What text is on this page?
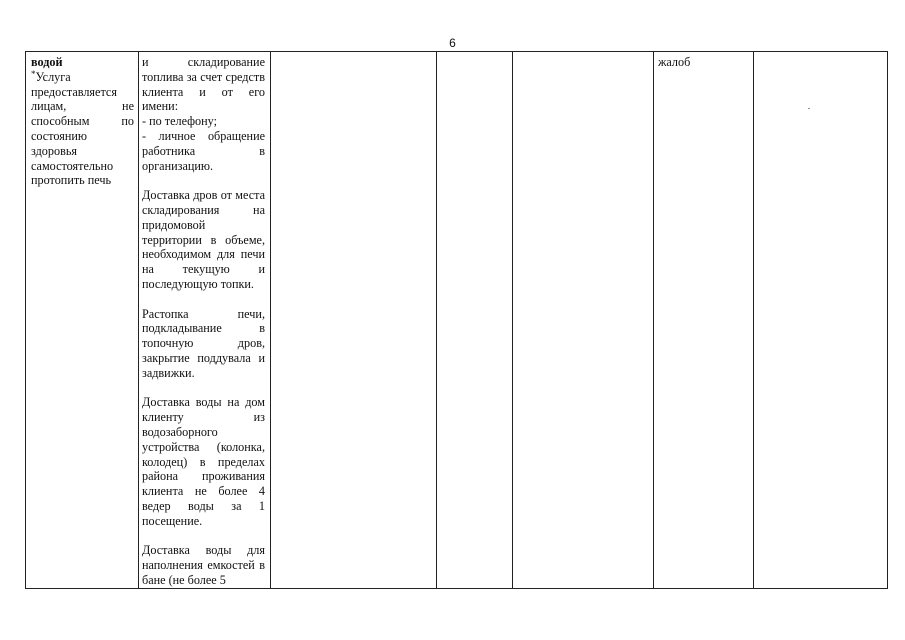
6

водой

*Услуга предоставляется лицам, не способным по состоянию здоровья самостоятельно протопить печь

и складирование топлива за счет средств клиента и от его имени:

- по телефону;

- личное обращение работника в организацию.

Доставка дров от места складирования на придомовой территории в объеме, необходимом для печи на текущую и последующую топки.

Растопка печи, подкладывание в топочную дров, закрытие поддувала и задвижки.

Доставка воды на дом клиенту из водозаборного устройства (колонка, колодец) в пределах района проживания клиента не более 4 ведер воды за 1 посещение.

Доставка воды для наполнения емкостей в бане (не более 5

жалоб
